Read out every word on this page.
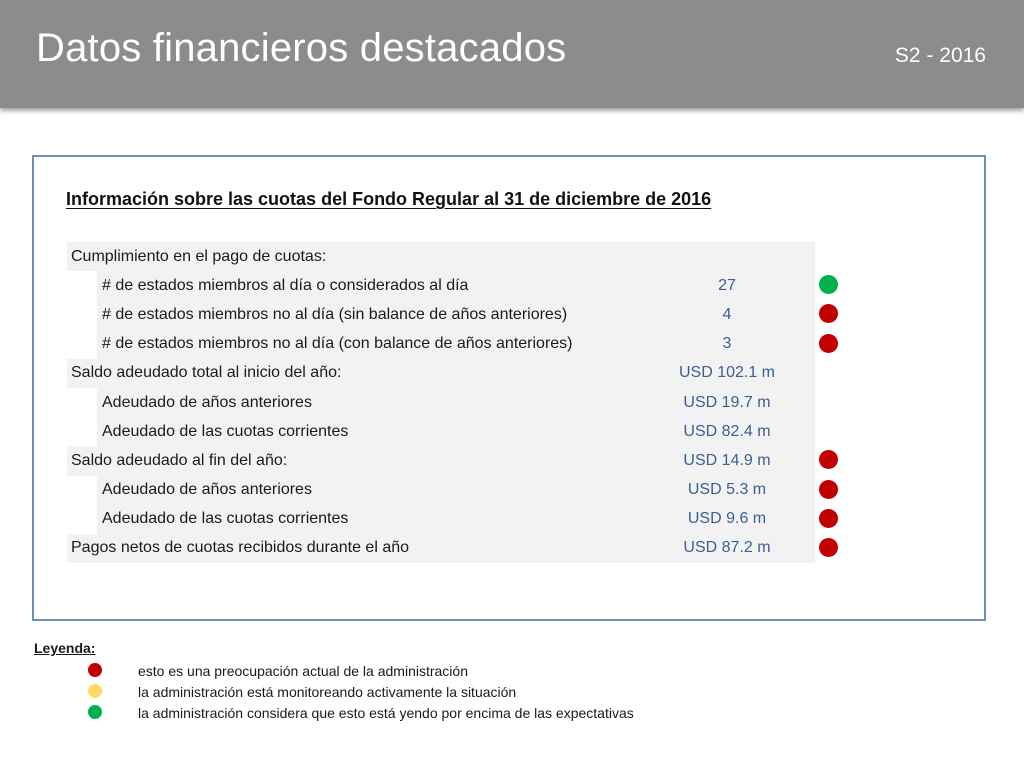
Datos financieros destacados	S2 - 2016
Información sobre las cuotas del Fondo Regular al 31 de diciembre de 2016
Cumplimiento en el pago de cuotas:
# de estados miembros al día o considerados al día	27
# de estados miembros no al día (sin balance de años anteriores)	4
# de estados miembros no al día (con balance de años anteriores)	3
Saldo adeudado total al inicio del año:	USD 102.1 m
Adeudado de años anteriores	USD 19.7 m
Adeudado de las cuotas corrientes	USD 82.4 m
Saldo adeudado al fin del año:	USD 14.9 m
Adeudado de años anteriores	USD 5.3 m
Adeudado de las cuotas corrientes	USD 9.6 m
Pagos netos de cuotas recibidos durante el año	USD 87.2 m
Leyenda:
esto es una preocupación actual de la administración
la administración está monitoreando activamente la situación
la administración considera que esto está yendo por encima de las expectativas
